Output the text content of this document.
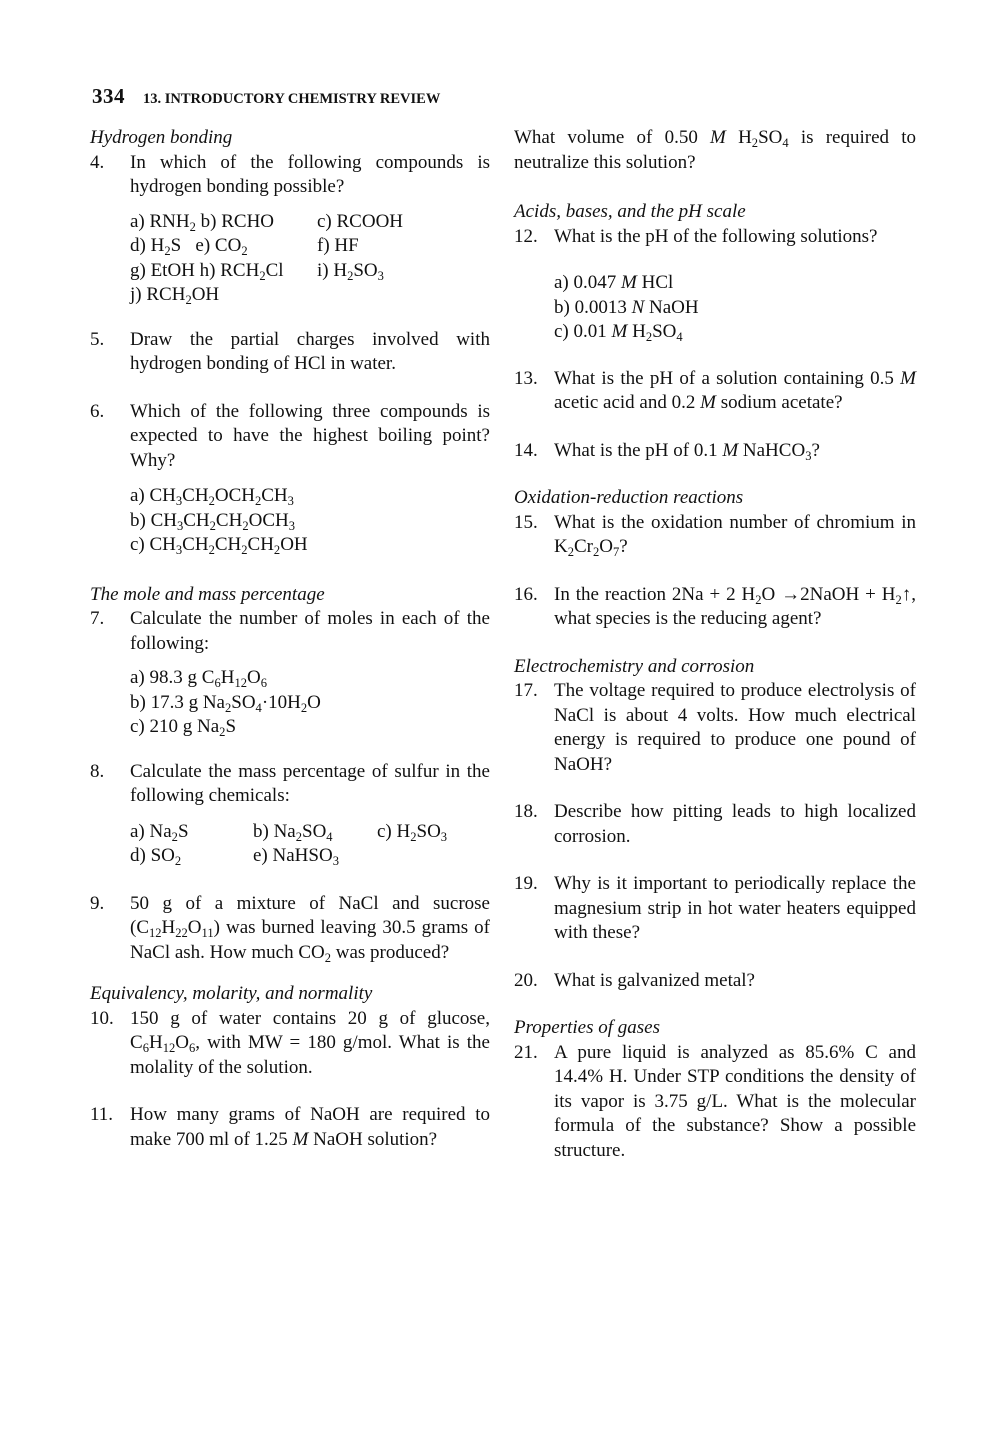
334 13. INTRODUCTORY CHEMISTRY REVIEW

Hydrogen bonding

4. In which of the following compounds is hydrogen bonding possible?
a) $RNH_2$ b) RCHO	c) RCOOH
d) $H_2S$   e) $CO_2$	f) HF
g) EtOH h) $RCH_2Cl$	i) $H_2SO_3$
j) $RCH_2OH$
5. Draw the partial charges involved with hydrogen bonding of HCl in water.
6. Which of the following three compounds is expected to have the highest boiling point? Why?
a) $CH_3CH_2OCH_2CH_3$
b) $CH_3CH_2CH_2OCH_3$
c) $CH_3CH_2CH_2CH_2OH$

The mole and mass percentage

7. Calculate the number of moles in each of the following:
a) 98.3 g $C_6H_{12}O_6$
b) 17.3 g $Na_2SO_4\cdot 10H_2O$
c) 210 g $Na_2S$
8. Calculate the mass percentage of sulfur in the following chemicals:
a) $Na_2S$	b) $Na_2SO_4$	c) $H_2SO_3$
d) $SO_2$	e) NaHSO$_3$
9. 50 g of a mixture of NaCl and sucrose $(C_{12}H_{22}O_{11})$ was burned leaving 30.5 grams of NaCl ash. How much $CO_2$ was produced?

Equivalency, molarity, and normality

10. 150 g of water contains 20 g of glucose, $C_6H_{12}O_6$, with MW = 180 g/mol. What is the molality of the solution.
11. How many grams of NaOH are required to make 700 ml of 1.25 M NaOH solution?
What volume of 0.50 M $H_2SO_4$ is required to neutralize this solution?

Acids, bases, and the pH scale

12. What is the pH of the following solutions?
a) 0.047 M HCl
b) 0.0013 N NaOH
c) 0.01 M $H_2SO_4$
13. What is the pH of a solution containing 0.5 M acetic acid and 0.2 M sodium acetate?
14. What is the pH of 0.1 M NaHCO$_3$?

Oxidation-reduction reactions

15. What is the oxidation number of chromium in $K_2Cr_2O_7$?
16. In the reaction 2Na + 2 $H_2O$ →2NaOH + $H_2↑$, what species is the reducing agent?

Electrochemistry and corrosion

17. The voltage required to produce electrolysis of NaCl is about 4 volts. How much electrical energy is required to produce one pound of NaOH?
18. Describe how pitting leads to high localized corrosion.
19. Why is it important to periodically replace the magnesium strip in hot water heaters equipped with these?
20. What is galvanized metal?

Properties of gases

21. A pure liquid is analyzed as 85.6% C and 14.4% H. Under STP conditions the density of its vapor is 3.75 g/L. What is the molecular formula of the substance? Show a possible structure.
